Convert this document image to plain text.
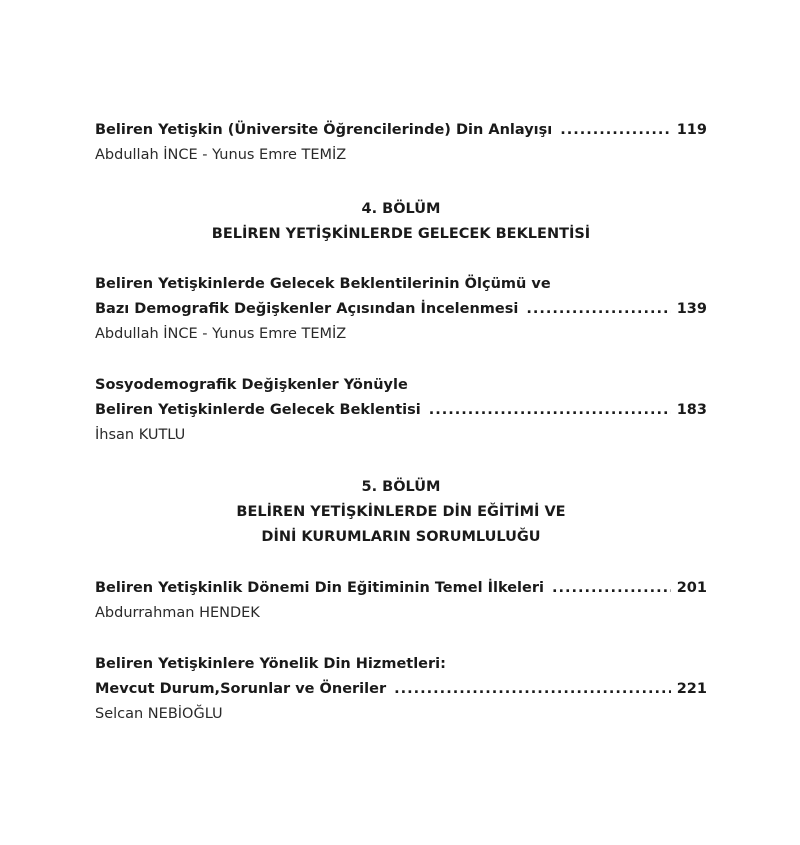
Beliren Yetişkin (Üniversite Öğrencilerinde) Din Anlayışı .....	119
Abdullah İNCE - Yunus Emre TEMİZ
4. BÖLÜM
BELİREN YETİŞKİNLERDE GELECEK BEKLENTİSİ
Beliren Yetişkinlerde Gelecek Beklentilerinin Ölçümü ve
Bazı Demografik Değişkenler Açısından İncelenmesi .....	139
Abdullah İNCE - Yunus Emre TEMİZ
Sosyodemografik Değişkenler Yönüyle
Beliren Yetişkinlerde Gelecek Beklentisi .....	183
İhsan KUTLU
5. BÖLÜM
BELİREN YETİŞKİNLERDE DİN EĞİTİMİ VE
DİNİ KURUMLARIN SORUMLULUĞU
Beliren Yetişkinlik Dönemi Din Eğitiminin Temel İlkeleri .....	201
Abdurrahman HENDEK
Beliren Yetişkinlere Yönelik Din Hizmetleri:
Mevcut Durum,Sorunlar ve Öneriler .....	221
Selcan NEBİOĞLU
